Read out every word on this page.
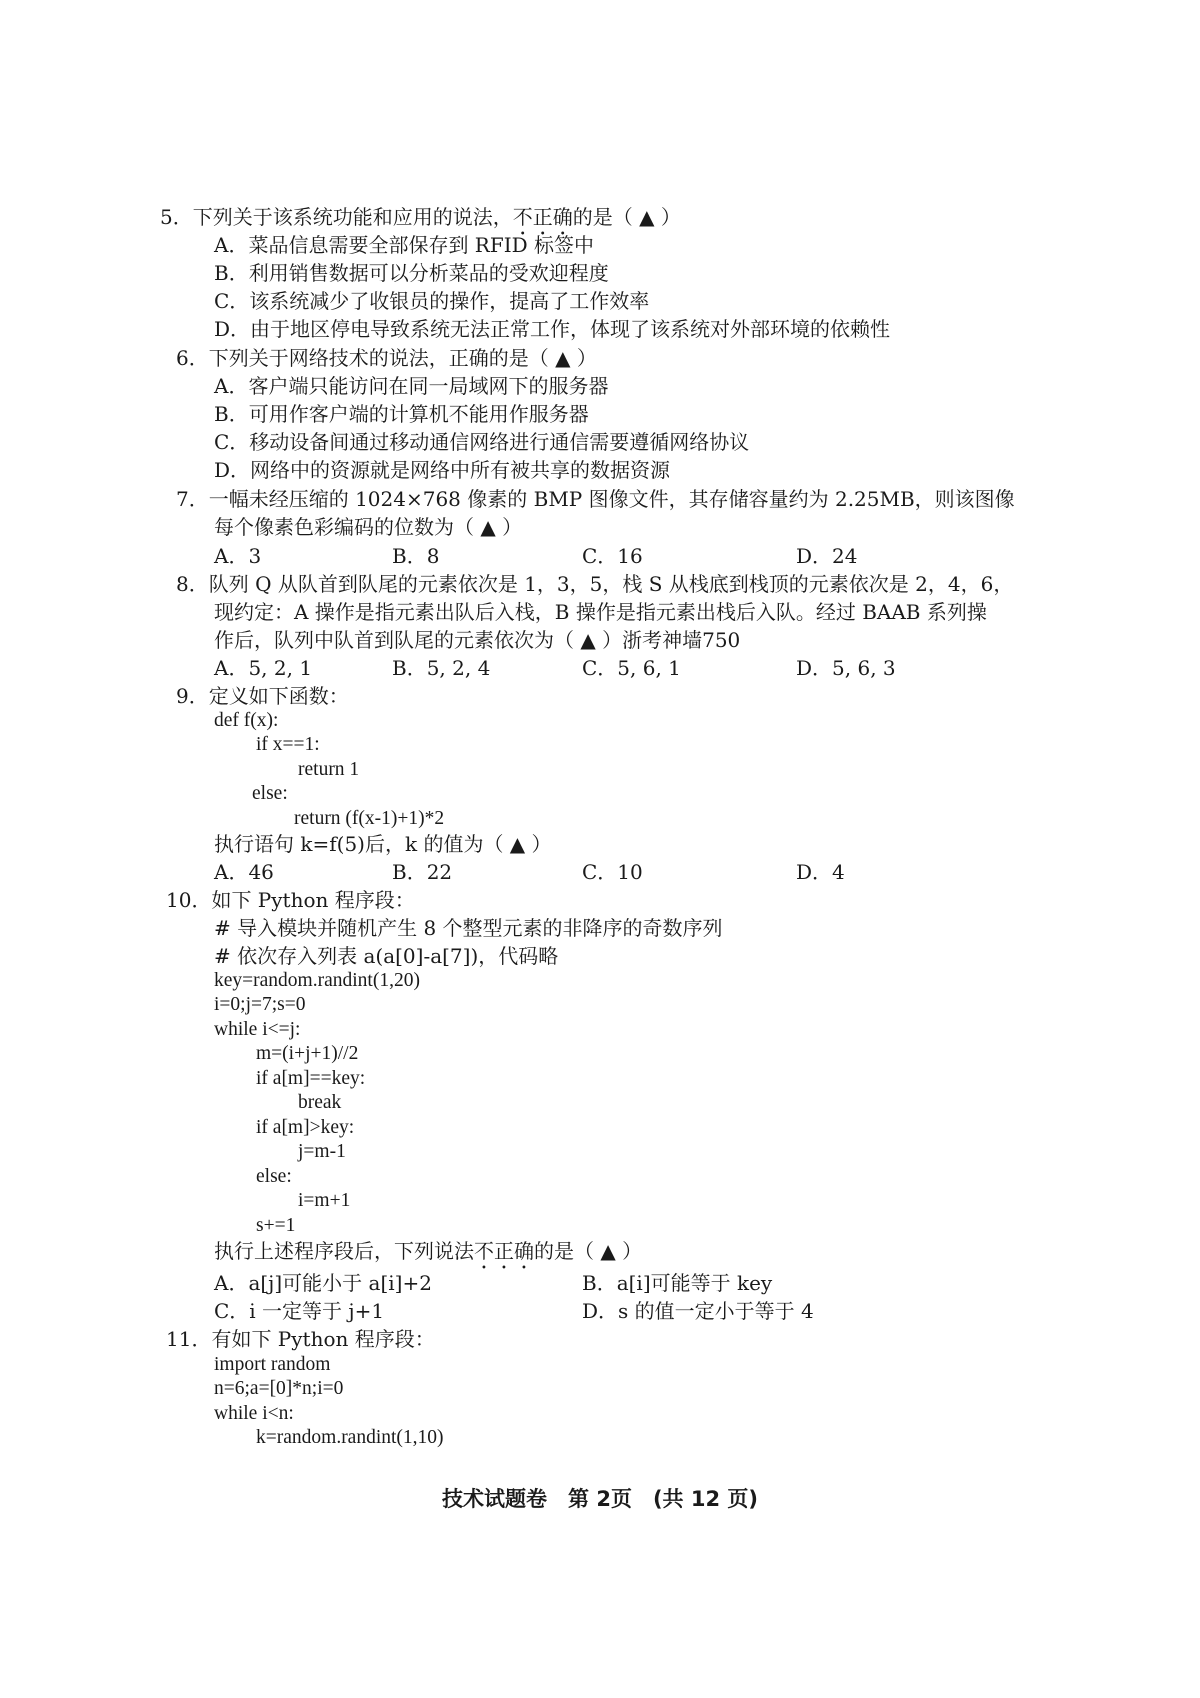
5．下列关于该系统功能和应用的说法，不正确的是（ ▲ ）
A．菜品信息需要全部保存到 RFID 标签中
B．利用销售数据可以分析菜品的受欢迎程度
C．该系统减少了收银员的操作，提高了工作效率
D．由于地区停电导致系统无法正常工作，体现了该系统对外部环境的依赖性
6．下列关于网络技术的说法，正确的是（ ▲ ）
A．客户端只能访问在同一局域网下的服务器
B．可用作客户端的计算机不能用作服务器
C．移动设备间通过移动通信网络进行通信需要遵循网络协议
D．网络中的资源就是网络中所有被共享的数据资源
7．一幅未经压缩的 1024×768 像素的 BMP 图像文件，其存储容量约为 2.25MB，则该图像
每个像素色彩编码的位数为（ ▲ ）
A．3	B．8	C．16	D．24
8．队列 Q 从队首到队尾的元素依次是 1，3，5，栈 S 从栈底到栈顶的元素依次是 2，4，6，
现约定：A 操作是指元素出队后入栈，B 操作是指元素出栈后入队。经过 BAAB 系列操
作后，队列中队首到队尾的元素依次为（ ▲ ）浙考神墙750
A．5, 2, 1	B．5, 2, 4	C．5, 6, 1	D．5, 6, 3
9．定义如下函数：
def f(x):
if x==1:
return 1
else:
return (f(x-1)+1)*2
执行语句 k=f(5)后，k 的值为（ ▲ ）
A．46	B．22	C．10	D．4
10．如下 Python 程序段：
# 导入模块并随机产生 8 个整型元素的非降序的奇数序列
# 依次存入列表 a(a[0]-a[7])，代码略
key=random.randint(1,20)
i=0;j=7;s=0
while i<=j:
m=(i+j+1)//2
if a[m]==key:
break
if a[m]>key:
j=m-1
else:
i=m+1
s+=1
执行上述程序段后，下列说法不正确的是（ ▲ ）
A．a[j]可能小于 a[i]+2	B．a[i]可能等于 key
C．i 一定等于 j+1	D．s 的值一定小于等于 4
11．有如下 Python 程序段：
import random
n=6;a=[0]*n;i=0
while i<n:
k=random.randint(1,10)
技术试题卷　第 2页　(共 12 页)
